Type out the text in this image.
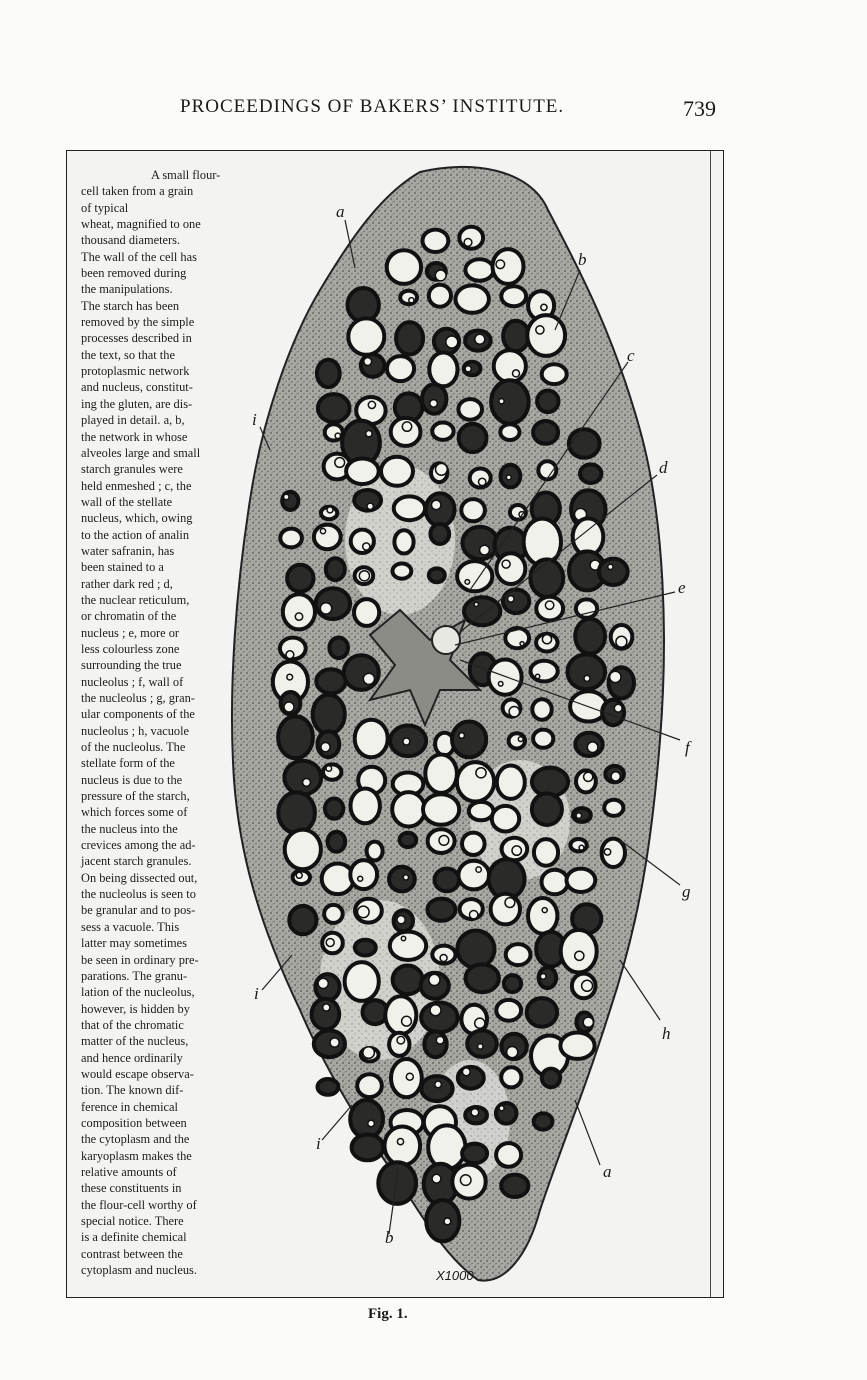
PROCEEDINGS OF BAKERS’ INSTITUTE.	739
A small flour-
cell taken from a grain
of typical
wheat, magnified to one
thousand diameters.
The wall of the cell has
been removed during
the manipulations.
The starch has been
removed by the simple
processes described in
the text, so that the
protoplasmic network
and nucleus, constitut-
ing the gluten, are dis-
played in detail. a, b,
the network in whose
alveoles large and small
starch granules were
held enmeshed ; c, the
wall of the stellate
nucleus, which, owing
to the action of analin
water safranin, has
been stained to a
rather dark red ; d,
the nuclear reticulum,
or chromatin of the
nucleus ; e, more or
less colourless zone
surrounding the true
nucleolus ; f, wall of
the nucleolus ; g, gran-
ular components of the
nucleolus ; h, vacuole
of the nucleolus. The
stellate form of the
nucleus is due to the
pressure of the starch,
which forces some of
the nucleus into the
crevices among the ad-
jacent starch granules.
On being dissected out,
the nucleolus is seen to
be granular and to pos-
sess a vacuole. This
latter may sometimes
be seen in ordinary pre-
parations. The granu-
lation of the nucleolus,
however, is hidden by
that of the chromatic
matter of the nucleus,
and hence ordinarily
would escape observa-
tion. The known dif-
ference in chemical
composition between
the cytoplasm and the
karyoplasm makes the
relative amounts of
these constituents in
the flour-cell worthy of
special notice. There
is a definite chemical
contrast between the
cytoplasm and nucleus.
a
b
c
d
e
f
g
h
i
i
i
a
b
X1000
Fig. 1.
